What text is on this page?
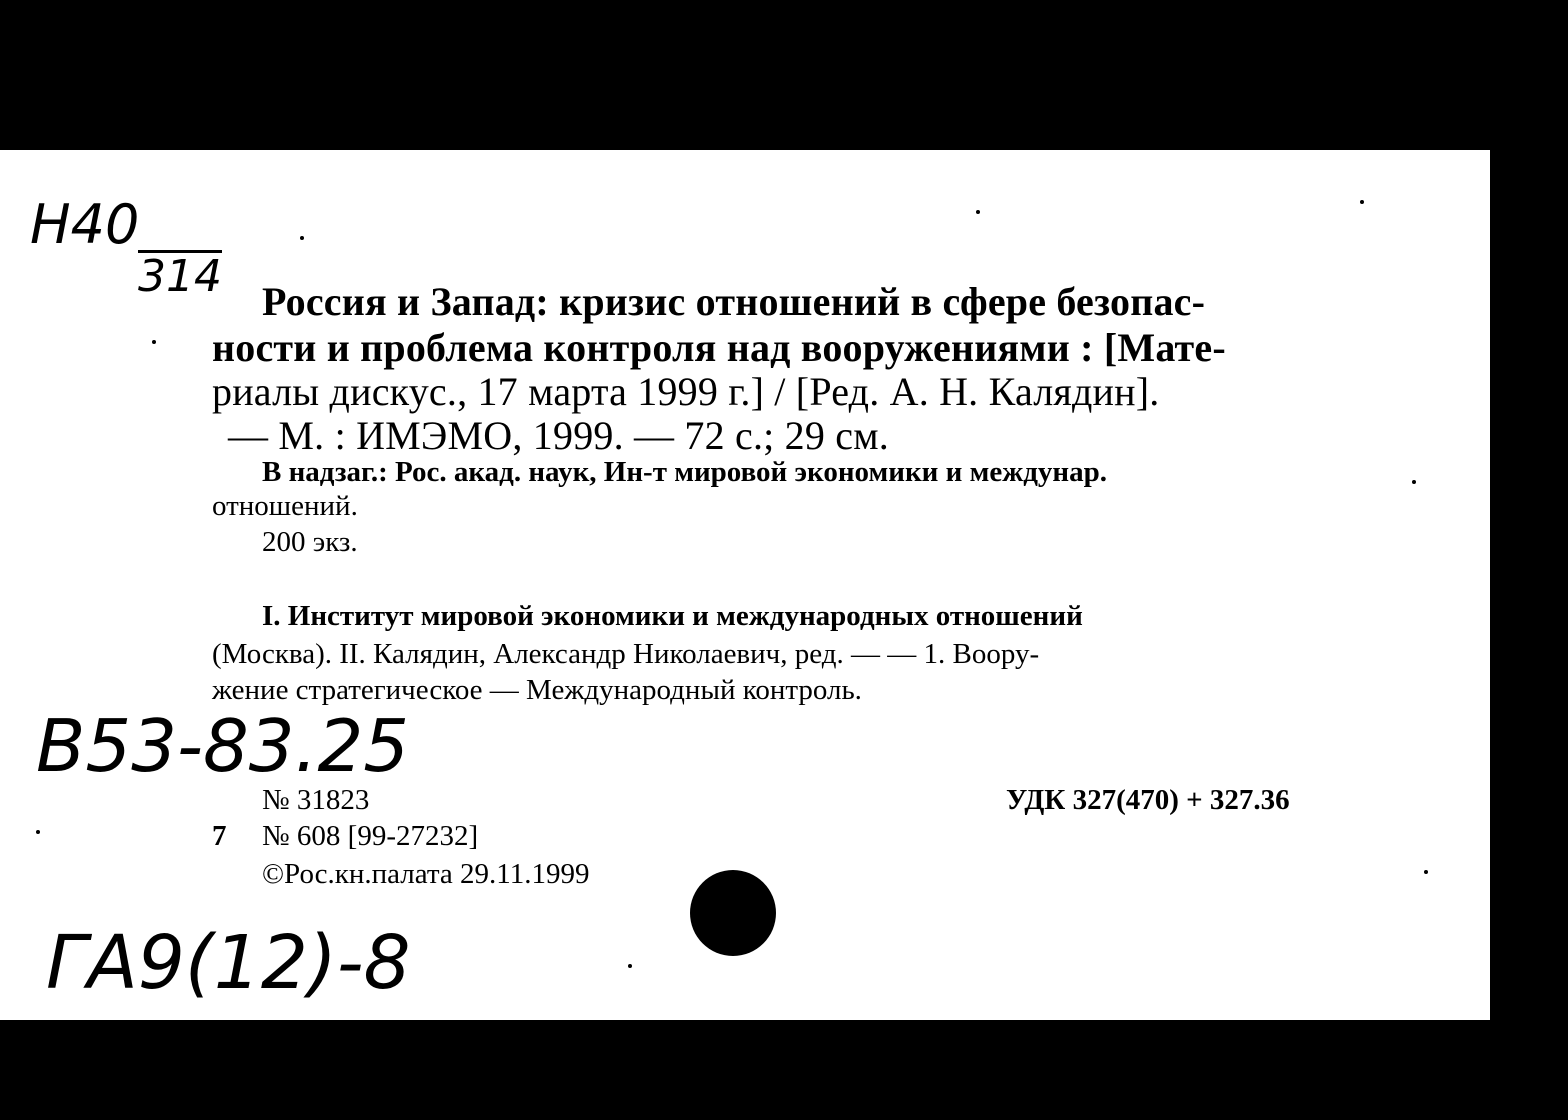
Н40
314 Россия и Запад: кризис отношений в сфере безопас-
ности и проблема контроля над вооружениями : [Мате-
риалы дискус., 17 марта 1999 г.] / [Ред. А. Н. Калядин].
— М. : ИМЭМО, 1999. — 72 с.; 29 см.
В надзаг.: Рос. акад. наук, Ин-т мировой экономики и междунар.
отношений.
200 экз.
I. Институт мировой экономики и международных отношений
(Москва). II. Калядин, Александр Николаевич, ред. — — 1. Воору-
жение стратегическое — Международный контроль.
B53-83.25
№ 31823	УДК 327(470) + 327.36
7 № 608 [99-27232]
©Рос.кн.палата 29.11.1999
ГА9(12)-8
